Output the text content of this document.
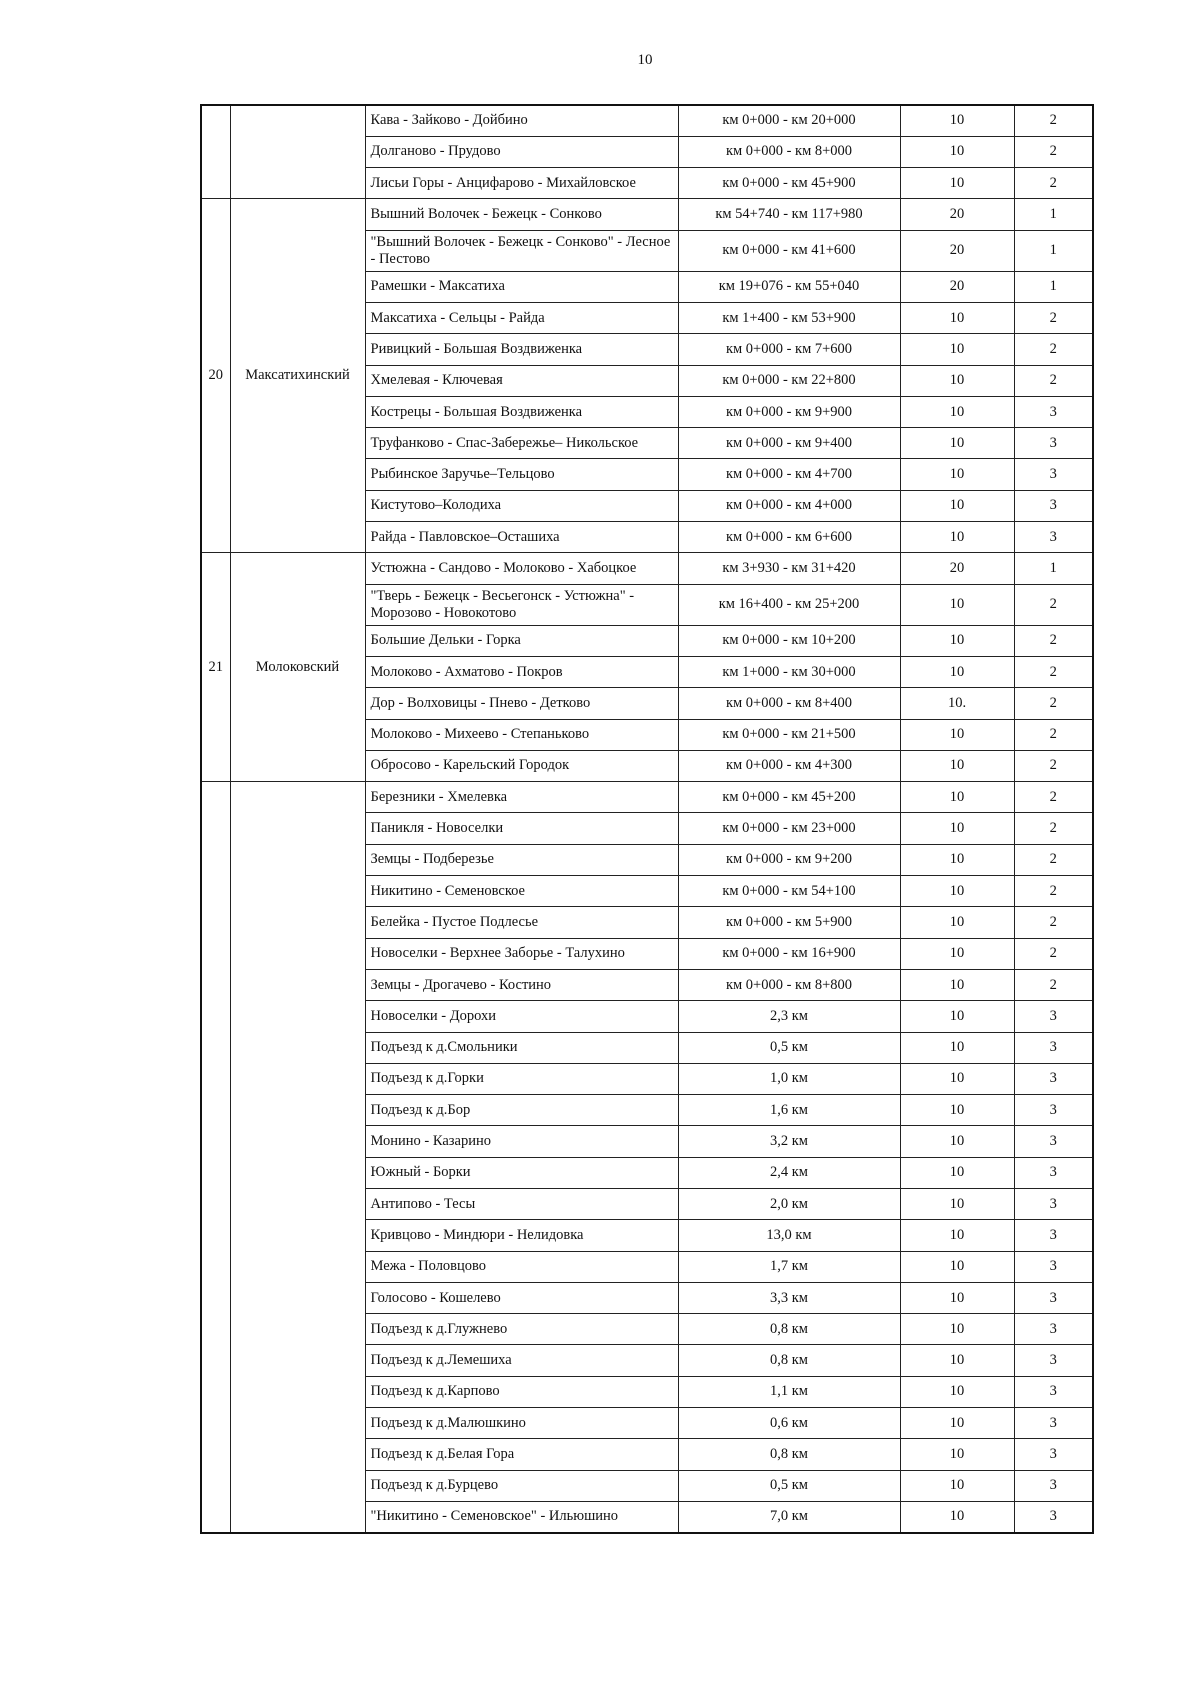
10
		Кава - Зайково - Дойбино	км 0+000 - км 20+000	10	2
		Долганово - Прудово	км 0+000 - км 8+000	10	2
		Лисьи Горы - Анцифарово - Михайловское	км 0+000 - км 45+900	10	2
20	Максатихинский	Вышний Волочек - Бежецк - Сонково	км 54+740 - км 117+980	20	1
		"Вышний Волочек - Бежецк - Сонково" - Лесное - Пестово	км 0+000 - км 41+600	20	1
		Рамешки - Максатиха	км 19+076 - км 55+040	20	1
		Максатиха - Сельцы - Райда	км 1+400 - км 53+900	10	2
		Ривицкий - Большая Воздвиженка	км 0+000 - км 7+600	10	2
		Хмелевая - Ключевая	км 0+000 - км 22+800	10	2
		Кострецы - Большая Воздвиженка	км 0+000 - км 9+900	10	3
		Труфанково - Спас-Забережье– Никольское	км 0+000 - км 9+400	10	3
		Рыбинское Заручье–Тельцово	км 0+000 - км 4+700	10	3
		Кистутово–Колодиха	км 0+000 - км 4+000	10	3
		Райда - Павловское–Осташиха	км 0+000 - км 6+600	10	3
21	Молоковский	Устюжна - Сандово - Молоково - Хабоцкое	км 3+930 - км 31+420	20	1
		"Тверь - Бежецк - Весьегонск - Устюжна" - Морозово - Новокотово	км 16+400 - км 25+200	10	2
		Большие Дельки - Горка	км 0+000 - км 10+200	10	2
		Молоково - Ахматово - Покров	км 1+000 - км 30+000	10	2
		Дор - Волховицы - Пнево - Детково	км 0+000 - км 8+400	10.	2
		Молоково - Михеево - Степаньково	км 0+000 - км 21+500	10	2
		Обросово - Карельский Городок	км 0+000 - км 4+300	10	2
		Березники - Хмелевка	км 0+000 - км 45+200	10	2
		Паникля - Новоселки	км 0+000 - км 23+000	10	2
		Земцы - Подберезье	км 0+000 - км 9+200	10	2
		Никитино - Семеновское	км 0+000 - км 54+100	10	2
		Белейка - Пустое Подлесье	км 0+000 - км 5+900	10	2
		Новоселки - Верхнее Заборье - Талухино	км 0+000 - км 16+900	10	2
		Земцы - Дрогачево - Костино	км 0+000 - км 8+800	10	2
		Новоселки - Дорохи	2,3 км	10	3
		Подъезд к д.Смольники	0,5 км	10	3
		Подъезд к д.Горки	1,0 км	10	3
		Подъезд к д.Бор	1,6 км	10	3
		Монино - Казарино	3,2 км	10	3
		Южный - Борки	2,4 км	10	3
		Антипово - Тесы	2,0 км	10	3
		Кривцово - Миндюри - Нелидовка	13,0 км	10	3
		Межа - Половцово	1,7 км	10	3
		Голосово - Кошелево	3,3 км	10	3
		Подъезд к д.Глужнево	0,8 км	10	3
		Подъезд к д.Лемешиха	0,8 км	10	3
		Подъезд к д.Карпово	1,1 км	10	3
		Подъезд к д.Малюшкино	0,6 км	10	3
		Подъезд к д.Белая Гора	0,8 км	10	3
		Подъезд к д.Бурцево	0,5 км	10	3
		"Никитино - Семеновское" - Ильюшино	7,0 км	10	3
